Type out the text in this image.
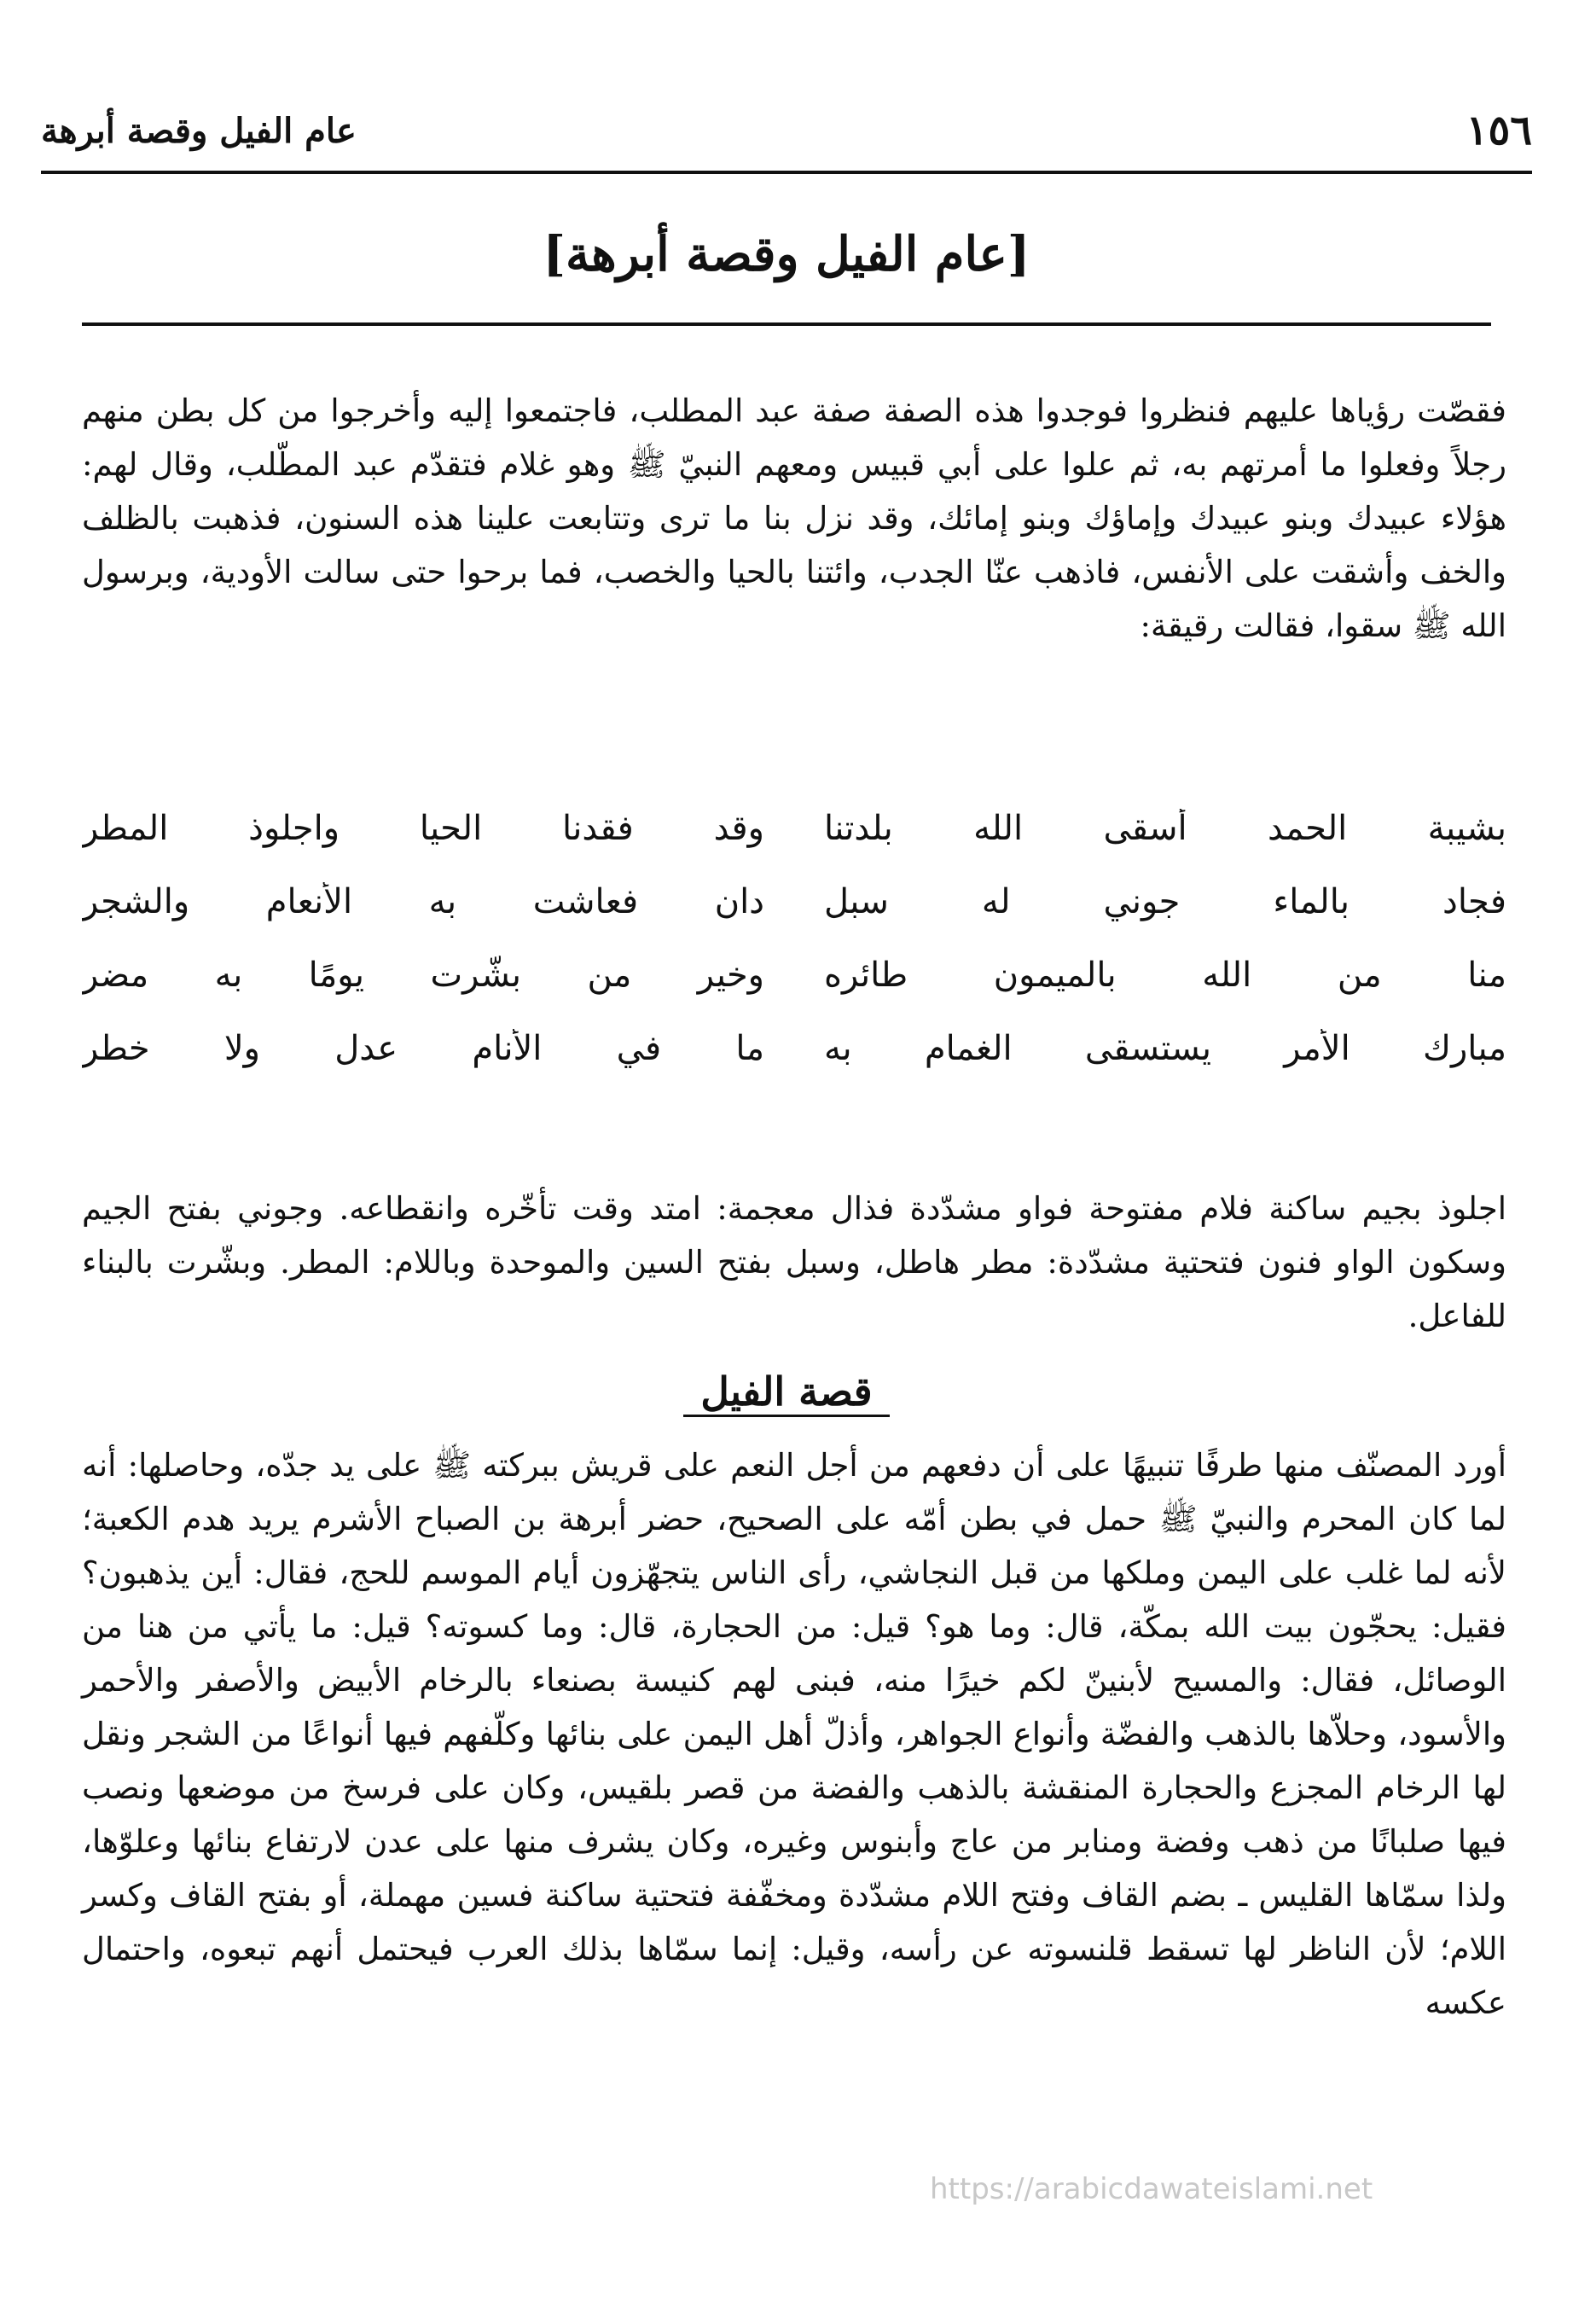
١٥٦
عام الفيل وقصة أبرهة
[عام الفيل وقصة أبرهة]

فقصّت رؤياها عليهم فنظروا فوجدوا هذه الصفة صفة عبد المطلب، فاجتمعوا إليه وأخرجوا من كل بطن منهم رجلاً وفعلوا ما أمرتهم به، ثم علوا على أبي قبيس ومعهم النبيّ ﷺ وهو غلام فتقدّم عبد المطّلب، وقال لهم: هؤلاء عبيدك وبنو عبيدك وإماؤك وبنو إمائك، وقد نزل بنا ما ترى وتتابعت علينا هذه السنون، فذهبت بالظلف والخف وأشقت على الأنفس، فاذهب عنّا الجدب، وائتنا بالحيا والخصب، فما برحوا حتى سالت الأودية، وبرسول الله ﷺ سقوا، فقالت رقيقة:

بشيبة الحمد أسقى الله بلدتنا
وقد فقدنا الحيا واجلوذ المطر
فجاد بالماء جوني له سبل
دان فعاشت به الأنعام والشجر
منا من الله بالميمون طائره
وخير من بشّرت يومًا به مضر
مبارك الأمر يستسقى الغمام به
ما في الأنام عدل ولا خطر

اجلوذ بجيم ساكنة فلام مفتوحة فواو مشدّدة فذال معجمة: امتد وقت تأخّره وانقطاعه. وجوني بفتح الجيم وسكون الواو فنون فتحتية مشدّدة: مطر هاطل، وسبل بفتح السين والموحدة وباللام: المطر. وبشّرت بالبناء للفاعل.

قصة الفيل

أورد المصنّف منها طرفًا تنبيهًا على أن دفعهم من أجل النعم على قريش ببركته ﷺ على يد جدّه، وحاصلها: أنه لما كان المحرم والنبيّ ﷺ حمل في بطن أمّه على الصحيح، حضر أبرهة بن الصباح الأشرم يريد هدم الكعبة؛ لأنه لما غلب على اليمن وملكها من قبل النجاشي، رأى الناس يتجهّزون أيام الموسم للحج، فقال: أين يذهبون؟ فقيل: يحجّون بيت الله بمكّة، قال: وما هو؟ قيل: من الحجارة، قال: وما كسوته؟ قيل: ما يأتي من هنا من الوصائل، فقال: والمسيح لأبنينّ لكم خيرًا منه، فبنى لهم كنيسة بصنعاء بالرخام الأبيض والأصفر والأحمر والأسود، وحلاّها بالذهب والفضّة وأنواع الجواهر، وأذلّ أهل اليمن على بنائها وكلّفهم فيها أنواعًا من الشجر ونقل لها الرخام المجزع والحجارة المنقشة بالذهب والفضة من قصر بلقيس، وكان على فرسخ من موضعها ونصب فيها صلبانًا من ذهب وفضة ومنابر من عاج وأبنوس وغيره، وكان يشرف منها على عدن لارتفاع بنائها وعلوّها، ولذا سمّاها القليس ـ بضم القاف وفتح اللام مشدّدة ومخفّفة فتحتية ساكنة فسين مهملة، أو بفتح القاف وكسر اللام؛ لأن الناظر لها تسقط قلنسوته عن رأسه، وقيل: إنما سمّاها بذلك العرب فيحتمل أنهم تبعوه، واحتمال عكسه

https://arabicdawateislami.net
